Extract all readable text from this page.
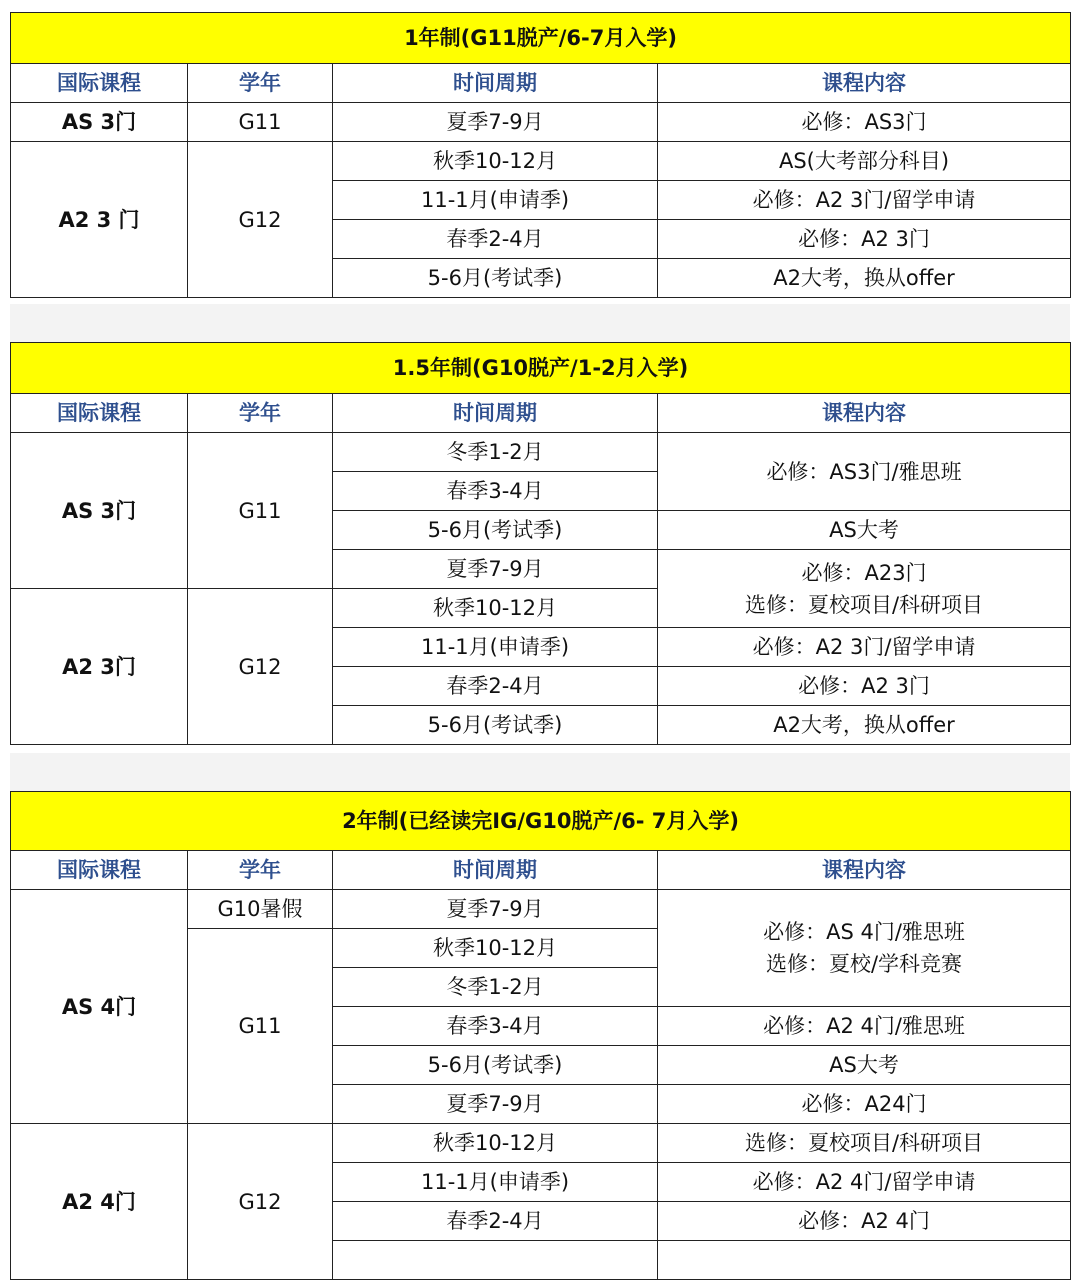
1年制(G11脱产/6-7月入学)			
国际课程	学年	时间周期	课程内容
AS 3门	G11	夏季7-9月	必修：AS3门
A2 3 门	G12	秋季10-12月	AS(大考部分科目)
		11-1月(申请季)	必修：A2 3门/留学申请
		春季2-4月	必修：A2 3门
		5-6月(考试季)	A2大考，换从offer
1.5年制(G10脱产/1-2月入学)			
国际课程	学年	时间周期	课程内容
AS 3门	G11	冬季1-2月	必修：AS3门/雅思班
		春季3-4月	
		5-6月(考试季)	AS大考
		夏季7-9月	必修：A23门
选修：夏校项目/科研项目

A2 3门	G12	秋季10-12月	
		11-1月(申请季)	必修：A2 3门/留学申请
		春季2-4月	必修：A2 3门
		5-6月(考试季)	A2大考，换从offer
2年制(已经读完IG/G10脱产/6- 7月入学)			
国际课程	学年	时间周期	课程内容
AS 4门	G10暑假	夏季7-9月	必修：AS 4门/雅思班
选修：夏校/学科竞赛

	G11	秋季10-12月	
		冬季1-2月	
		春季3-4月	必修：A2 4门/雅思班
		5-6月(考试季)	AS大考
		夏季7-9月	必修：A24门
A2 4门	G12	秋季10-12月	选修：夏校项目/科研项目
		11-1月(申请季)	必修：A2 4门/留学申请
		春季2-4月	必修：A2 4门
